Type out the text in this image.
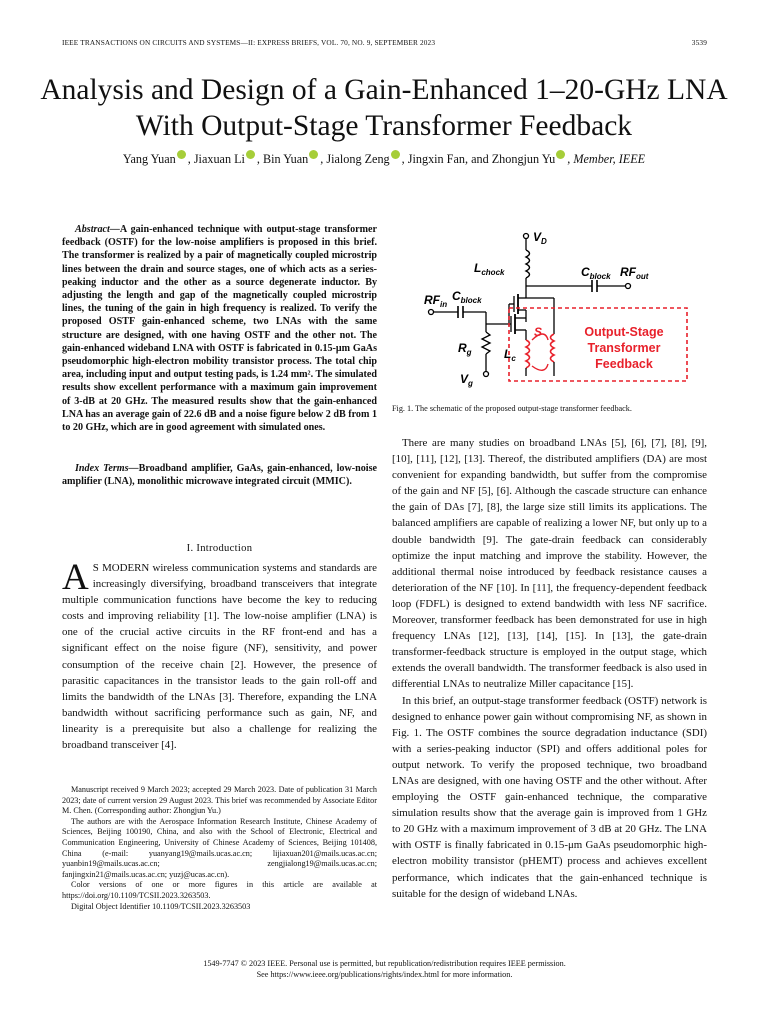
IEEE TRANSACTIONS ON CIRCUITS AND SYSTEMS—II: EXPRESS BRIEFS, VOL. 70, NO. 9, SEPTEMBER 2023	3539
Analysis and Design of a Gain-Enhanced 1–20-GHz LNA With Output-Stage Transformer Feedback
Yang Yuan , Jiaxuan Li , Bin Yuan , Jialong Zeng , Jingxin Fan, and Zhongjun Yu , Member, IEEE
Abstract—A gain-enhanced technique with output-stage transformer feedback (OSTF) for the low-noise amplifiers is proposed in this brief. The transformer is realized by a pair of magnetically coupled microstrip lines between the drain and source stages, one of which acts as a series-peaking inductor and the other as a source degenerate inductor. By adjusting the length and gap of the magnetically coupled microstrip lines, the tuning of the gain in high frequency is realized. To verify the proposed OSTF gain-enhanced scheme, two LNAs with the same structure are designed, with one having OSTF and the other not. The gain-enhanced wideband LNA with OSTF is fabricated in 0.15-μm GaAs pseudomorphic high-electron mobility transistor process. The total chip area, including input and output testing pads, is 1.24 mm². The simulated results show excellent performance with a maximum gain improvement of 3-dB at 20 GHz. The measured results show that the gain-enhanced LNA has an average gain of 22.6 dB and a noise figure below 2 dB from 1 to 20 GHz, which are in good agreement with simulated ones.
Index Terms—Broadband amplifier, GaAs, gain-enhanced, low-noise amplifier (LNA), monolithic microwave integrated circuit (MMIC).
I. Introduction
A S MODERN wireless communication systems and standards are increasingly diversifying, broadband transceivers that integrate multiple communication functions have become the key to reducing costs and improving reliability [1]. The low-noise amplifier (LNA) is one of the crucial active circuits in the RF front-end and has a significant effect on the noise figure (NF), sensitivity, and power consumption of the receive chain [2]. However, the presence of parasitic capacitances in the transistor leads to the gain roll-off and limits the bandwidth of the LNAs [3]. Therefore, expanding the LNA bandwidth without sacrificing performance such as gain, NF, and linearity is a prerequisite but also a challenge for realizing the broadband transceiver [4].

Manuscript received 9 March 2023; accepted 29 March 2023. Date of publication 31 March 2023; date of current version 29 August 2023. This brief was recommended by Associate Editor M. Chen. (Corresponding author: Zhongjun Yu.)

The authors are with the Aerospace Information Research Institute, Chinese Academy of Sciences, Beijing 100190, China, and also with the School of Electronic, Electrical and Communication Engineering, University of Chinese Academy of Sciences, Beijing 101408, China (e-mail: yuanyang19@mails.ucas.ac.cn; lijiaxuan201@mails.ucas.ac.cn; yuanbin19@mails.ucas.ac.cn; zengjialong19@mails.ucas.ac.cn; fanjingxin21@mails.ucas.ac.cn; yuzj@ucas.ac.cn).

Color versions of one or more figures in this article are available at https://doi.org/10.1109/TCSII.2023.3263503.

Digital Object Identifier 10.1109/TCSII.2023.3263503

$V_D$
$L_{chock}$	$C_{block}$ $RF_{out}$
$RF_{in}$
$C_{block}$
$R_g$
$V_g$
$L_c$
S	Output-Stage
Transformer
Feedback
Fig. 1. The schematic of the proposed output-stage transformer feedback.

There are many studies on broadband LNAs [5], [6], [7], [8], [9], [10], [11], [12], [13]. Thereof, the distributed amplifiers (DA) are most convenient for expanding bandwidth, but suffer from the compromise of the gain and NF [5], [6]. Although the cascade structure can enhance the gain of DAs [7], [8], the large size still limits its applications. The balanced amplifiers are capable of realizing a lower NF, but only up to a double bandwidth [9]. The gate-drain feedback can considerably optimize the input matching and improve the stability. However, the additional thermal noise introduced by feedback resistance causes a deterioration of the NF [10]. In [11], the frequency-dependent feedback loop (FDFL) is designed to extend bandwidth with less NF sacrifice. Moreover, transformer feedback has been demonstrated for use in high frequency LNAs [12], [13], [14], [15]. In [13], the gate-drain transformer-feedback structure is employed in the output stage, which extends the overall bandwidth. The transformer feedback is also used in differential LNAs to neutralize Miller capacitance [15].

In this brief, an output-stage transformer feedback (OSTF) network is designed to enhance power gain without compromising NF, as shown in Fig. 1. The OSTF combines the source degradation inductance (SDI) with a series-peaking inductor (SPI) and offers additional poles for output network. To verify the proposed technique, two broadband LNAs are designed, with one having OSTF and the other without. After employing the OSTF gain-enhanced technique, the comparative simulation results show that the average gain is improved from 1 GHz to 20 GHz with a maximum improvement of 3 dB at 20 GHz. The LNA with OSTF is finally fabricated in 0.15-μm GaAs pseudomorphic high-electron mobility transistor (pHEMT) process and achieves excellent performance, which indicates that the gain-enhanced technique is suitable for the design of wideband LNAs.

1549-7747 © 2023 IEEE. Personal use is permitted, but republication/redistribution requires IEEE permission.
See https://www.ieee.org/publications/rights/index.html for more information.
